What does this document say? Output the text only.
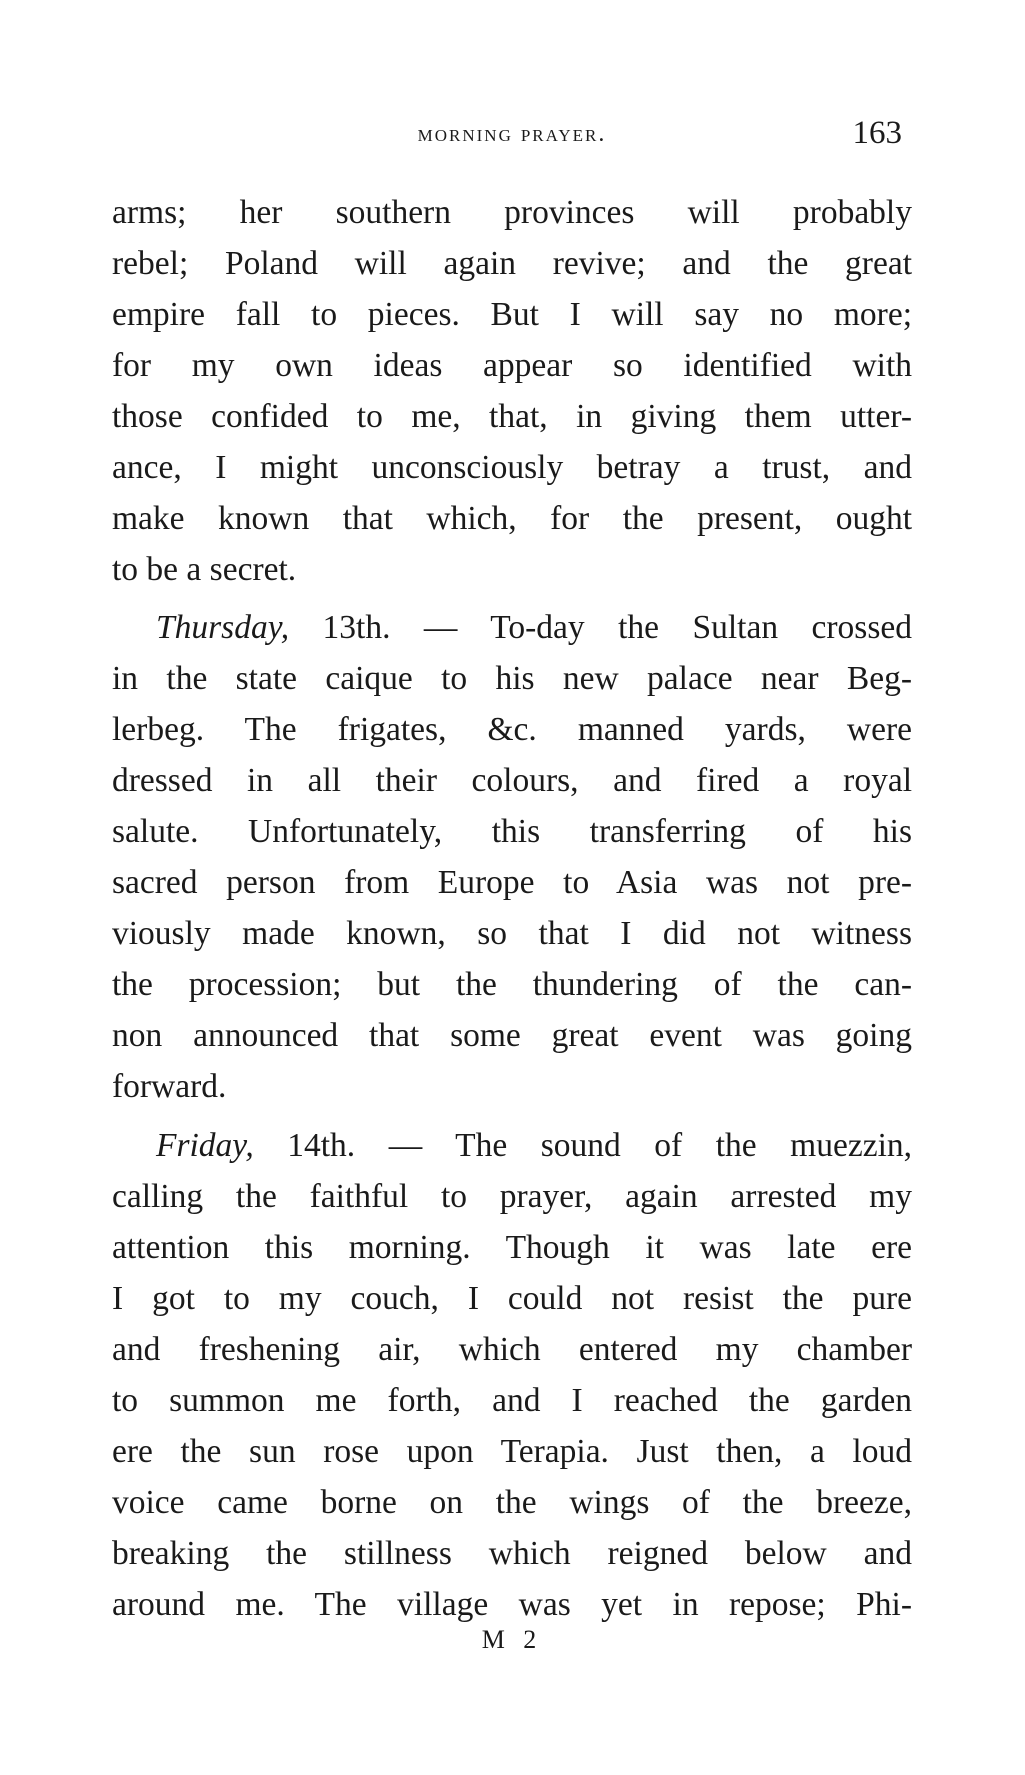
morning prayer.	163
arms; her southern provinces will probably
rebel; Poland will again revive; and the great
empire fall to pieces. But I will say no more;
for my own ideas appear so identified with
those confided to me, that, in giving them utter-
ance, I might unconsciously betray a trust, and
make known that which, for the present, ought
to be a secret.
Thursday, 13th. — To-day the Sultan crossed
in the state caique to his new palace near Beg-
lerbeg. The frigates, &c. manned yards, were
dressed in all their colours, and fired a royal
salute. Unfortunately, this transferring of his
sacred person from Europe to Asia was not pre-
viously made known, so that I did not witness
the procession; but the thundering of the can-
non announced that some great event was going
forward.
Friday, 14th. — The sound of the muezzin,
calling the faithful to prayer, again arrested my
attention this morning. Though it was late ere
I got to my couch, I could not resist the pure
and freshening air, which entered my chamber
to summon me forth, and I reached the garden
ere the sun rose upon Terapia. Just then, a loud
voice came borne on the wings of the breeze,
breaking the stillness which reigned below and
around me. The village was yet in repose; Phi-
M 2
